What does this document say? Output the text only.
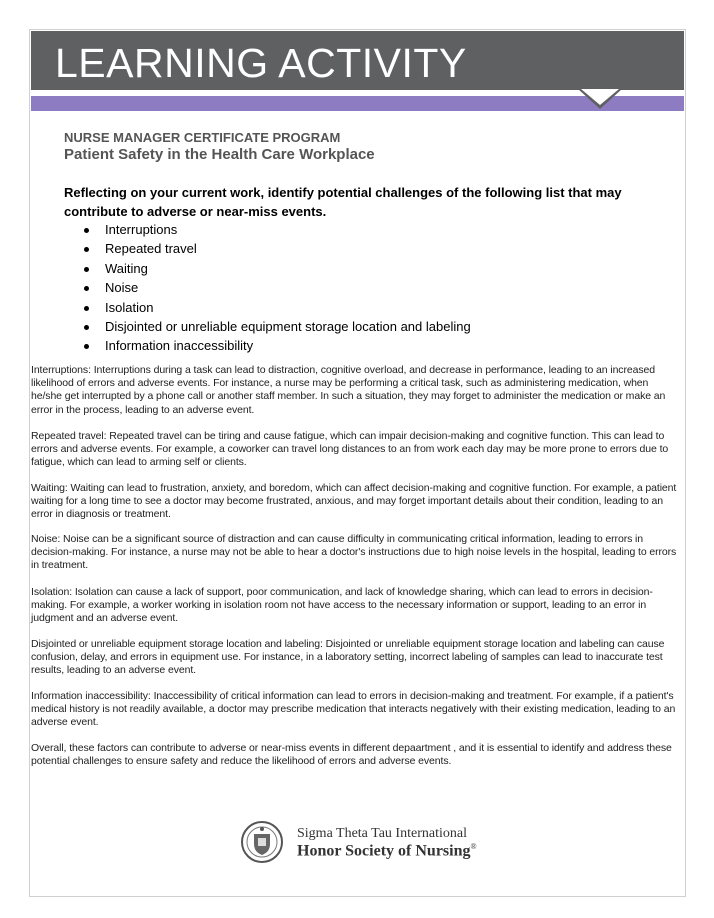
LEARNING ACTIVITY
NURSE MANAGER CERTIFICATE PROGRAM
Patient Safety in the Health Care Workplace
Reflecting on your current work, identify potential challenges of the following list that may contribute to adverse or near-miss events.
Interruptions
Repeated travel
Waiting
Noise
Isolation
Disjointed or unreliable equipment storage location and labeling
Information inaccessibility
Interruptions: Interruptions during a task can lead to distraction, cognitive overload, and decrease in performance, leading to an increased likelihood of errors and adverse events. For instance, a nurse may be performing a critical task, such as administering medication, when he/she get interrupted by a phone call or another staff member. In such a situation, they may forget to administer the medication or make an error in the process, leading to an adverse event.
Repeated travel: Repeated travel can be tiring and cause fatigue, which can impair decision-making and cognitive function. This can lead to errors and adverse events. For example, a coworker can travel long distances to an from work each day may be more prone to errors due to fatigue, which can lead to arming self or clients.
Waiting: Waiting can lead to frustration, anxiety, and boredom, which can affect decision-making and cognitive function. For example, a patient waiting for a long time to see a doctor may become frustrated, anxious, and may forget important details about their condition, leading to an error in diagnosis or treatment.
Noise: Noise can be a significant source of distraction and can cause difficulty in communicating critical information, leading to errors in decision-making. For instance, a nurse may not be able to hear a doctor's instructions due to high noise levels in the hospital, leading to errors in treatment.
Isolation: Isolation can cause a lack of support, poor communication, and lack of knowledge sharing, which can lead to errors in decision-making. For example, a worker working in isolation room not have access to the necessary information or support, leading to an error in judgment and an adverse event.
Disjointed or unreliable equipment storage location and labeling: Disjointed or unreliable equipment storage location and labeling can cause confusion, delay, and errors in equipment use. For instance, in a laboratory setting, incorrect labeling of samples can lead to inaccurate test results, leading to an adverse event.
Information inaccessibility: Inaccessibility of critical information can lead to errors in decision-making and treatment. For example, if a patient's medical history is not readily available, a doctor may prescribe medication that interacts negatively with their existing medication, leading to an adverse event.
Overall, these factors can contribute to adverse or near-miss events in different depaartment , and it is essential to identify and address these potential challenges to ensure safety and reduce the likelihood of errors and adverse events.
Sigma Theta Tau International
Honor Society of Nursing®
